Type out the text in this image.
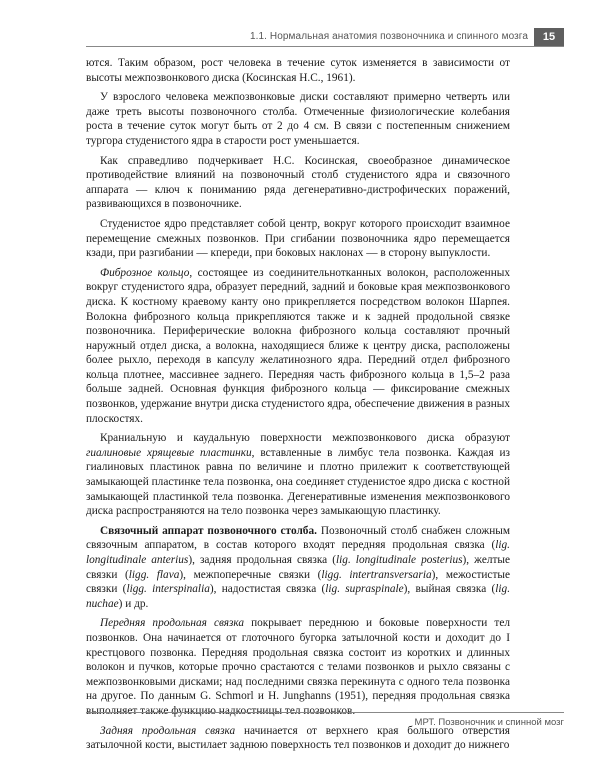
1.1. Нормальная анатомия позвоночника и спинного мозга	15

ются. Таким образом, рост человека в течение суток изменяется в зависимости от высоты межпозвонкового диска (Косинская Н.С., 1961).

У взрослого человека межпозвонковые диски составляют примерно четверть или даже треть высоты позвоночного столба. Отмеченные физиологические колебания роста в течение суток могут быть от 2 до 4 см. В связи с постепенным снижением тургора студенистого ядра в старости рост уменьшается.

Как справедливо подчеркивает Н.С. Косинская, своеобразное динамическое противодействие влияний на позвоночный столб студенистого ядра и связочного аппарата — ключ к пониманию ряда дегенеративно-дистрофических поражений, развивающихся в позвоночнике.

Студенистое ядро представляет собой центр, вокруг которого происходит взаимное перемещение смежных позвонков. При сгибании позвоночника ядро перемещается кзади, при разгибании — кпереди, при боковых наклонах — в сторону выпуклости.

Фиброзное кольцо, состоящее из соединительнотканных волокон, расположенных вокруг студенистого ядра, образует передний, задний и боковые края межпозвонкового диска. К костному краевому канту оно прикрепляется посредством волокон Шарпея. Волокна фиброзного кольца прикрепляются также и к задней продольной связке позвоночника. Периферические волокна фиброзного кольца составляют прочный наружный отдел диска, а волокна, находящиеся ближе к центру диска, расположены более рыхло, переходя в капсулу желатинозного ядра. Передний отдел фиброзного кольца плотнее, массивнее заднего. Передняя часть фиброзного кольца в 1,5–2 раза больше задней. Основная функция фиброзного кольца — фиксирование смежных позвонков, удержание внутри диска студенистого ядра, обеспечение движения в разных плоскостях.

Краниальную и каудальную поверхности межпозвонкового диска образуют гиалиновые хрящевые пластинки, вставленные в лимбус тела позвонка. Каждая из гиалиновых пластинок равна по величине и плотно прилежит к соответствующей замыкающей пластинке тела позвонка, она соединяет студенистое ядро диска с костной замыкающей пластинкой тела позвонка. Дегенеративные изменения межпозвонкового диска распространяются на тело позвонка через замыкающую пластинку.

Связочный аппарат позвоночного столба. Позвоночный столб снабжен сложным связочным аппаратом, в состав которого входят передняя продольная связка (lig. longitudinale anterius), задняя продольная связка (lig. longitudinale posterius), желтые связки (ligg. flava), межпоперечные связки (ligg. intertransversaria), межостистые связки (ligg. interspinalia), надостистая связка (lig. supraspinale), выйная связка (lig. nuchae) и др.

Передняя продольная связка покрывает переднюю и боковые поверхности тел позвонков. Она начинается от глоточного бугорка затылочной кости и доходит до I крестцового позвонка. Передняя продольная связка состоит из коротких и длинных волокон и пучков, которые прочно срастаются с телами позвонков и рыхло связаны с межпозвонковыми дисками; над последними связка перекинута с одного тела позвонка на другое. По данным G. Schmorl и H. Junghanns (1951), передняя продольная связка выполняет также функцию надкостницы тел позвонков.

Задняя продольная связка начинается от верхнего края большого отверстия затылочной кости, выстилает заднюю поверхность тел позвонков и доходит до нижнего

МРТ. Позвоночник и спинной мозг
